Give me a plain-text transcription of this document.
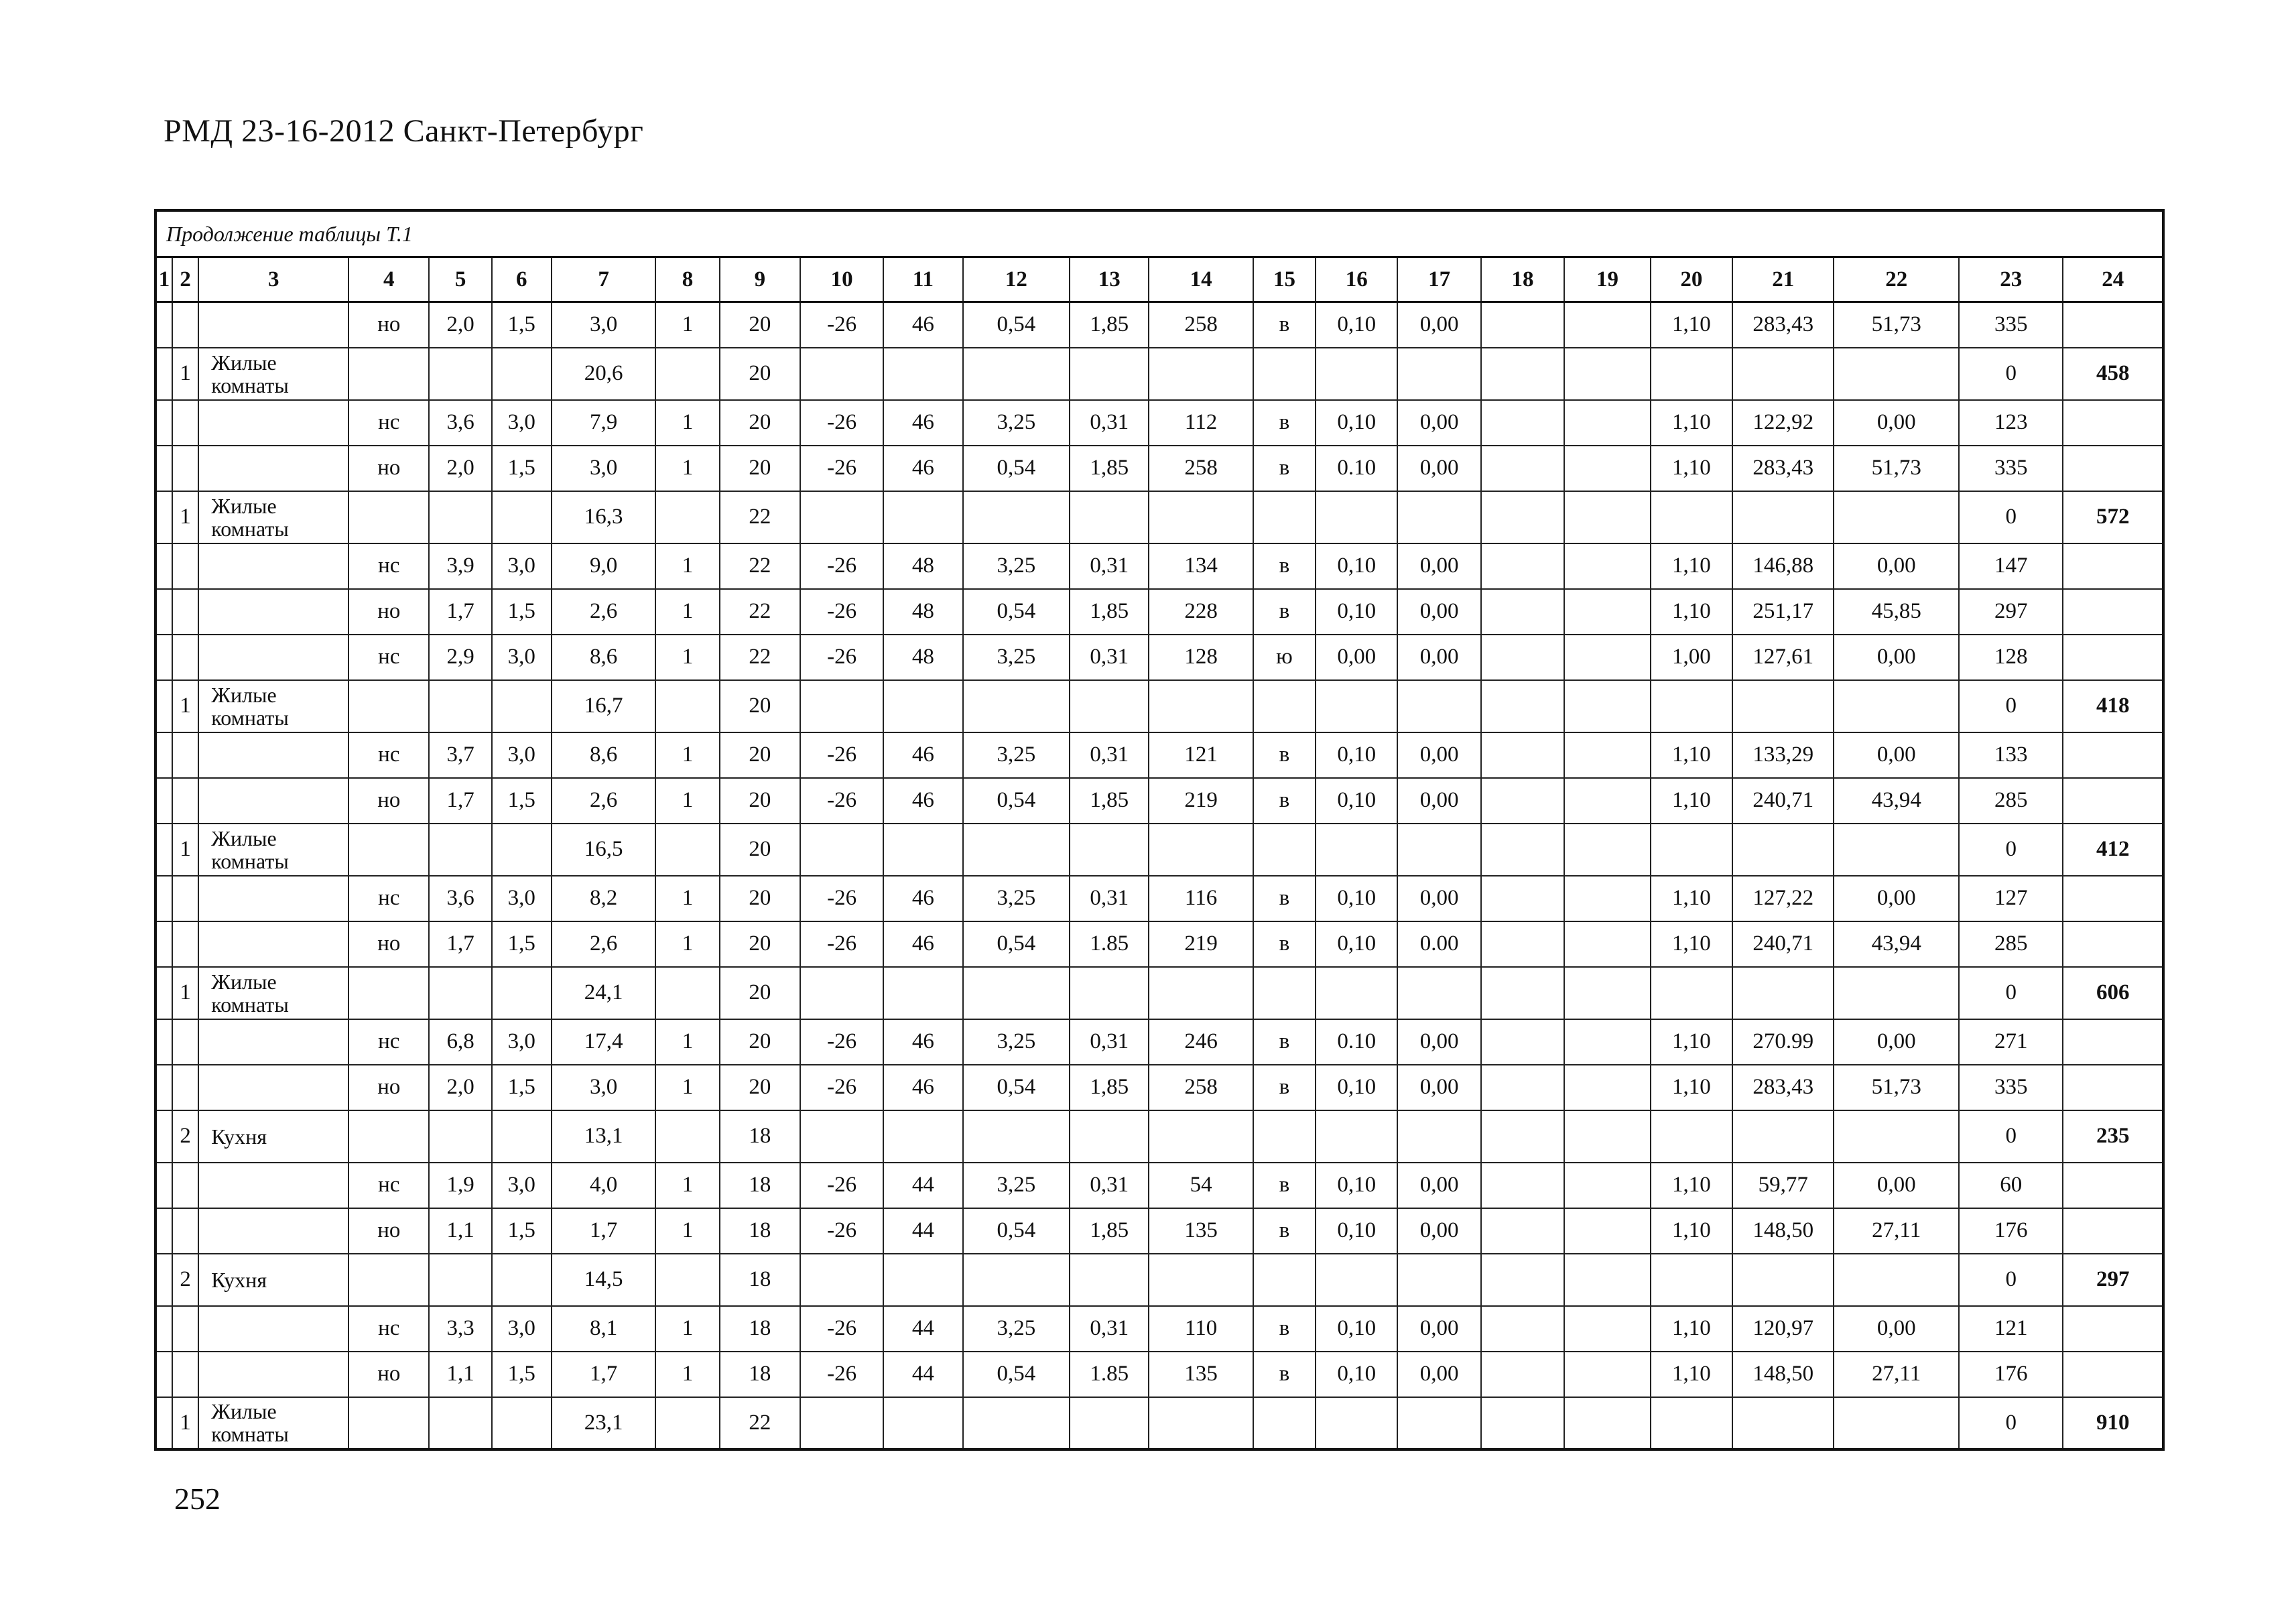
РМД 23-16-2012 Санкт-Петербург
Продолжение таблицы Т.1																							
1	2	3	4	5	6	7	8	9	10	11	12	13	14	15	16	17	18	19	20	21	22	23	24
			но	2,0	1,5	3,0	1	20	-26	46	0,54	1,85	258	в	0,10	0,00			1,10	283,43	51,73	335	
	1	Жилые комнаты				20,6		20														0	458
			нс	3,6	3,0	7,9	1	20	-26	46	3,25	0,31	112	в	0,10	0,00			1,10	122,92	0,00	123	
			но	2,0	1,5	3,0	1	20	-26	46	0,54	1,85	258	в	0.10	0,00			1,10	283,43	51,73	335	
	1	Жилые комнаты				16,3		22														0	572
			нс	3,9	3,0	9,0	1	22	-26	48	3,25	0,31	134	в	0,10	0,00			1,10	146,88	0,00	147	
			но	1,7	1,5	2,6	1	22	-26	48	0,54	1,85	228	в	0,10	0,00			1,10	251,17	45,85	297	
			нс	2,9	3,0	8,6	1	22	-26	48	3,25	0,31	128	ю	0,00	0,00			1,00	127,61	0,00	128	
	1	Жилые комнаты				16,7		20														0	418
			нс	3,7	3,0	8,6	1	20	-26	46	3,25	0,31	121	в	0,10	0,00			1,10	133,29	0,00	133	
			но	1,7	1,5	2,6	1	20	-26	46	0,54	1,85	219	в	0,10	0,00			1,10	240,71	43,94	285	
	1	Жилые комнаты				16,5		20														0	412
			нс	3,6	3,0	8,2	1	20	-26	46	3,25	0,31	116	в	0,10	0,00			1,10	127,22	0,00	127	
			но	1,7	1,5	2,6	1	20	-26	46	0,54	1.85	219	в	0,10	0.00			1,10	240,71	43,94	285	
	1	Жилые комнаты				24,1		20														0	606
			нс	6,8	3,0	17,4	1	20	-26	46	3,25	0,31	246	в	0.10	0,00			1,10	270.99	0,00	271	
			но	2,0	1,5	3,0	1	20	-26	46	0,54	1,85	258	в	0,10	0,00			1,10	283,43	51,73	335	
	2	Кухня				13,1		18														0	235
			нс	1,9	3,0	4,0	1	18	-26	44	3,25	0,31	54	в	0,10	0,00			1,10	59,77	0,00	60	
			но	1,1	1,5	1,7	1	18	-26	44	0,54	1,85	135	в	0,10	0,00			1,10	148,50	27,11	176	
	2	Кухня				14,5		18														0	297
			нс	3,3	3,0	8,1	1	18	-26	44	3,25	0,31	110	в	0,10	0,00			1,10	120,97	0,00	121	
			но	1,1	1,5	1,7	1	18	-26	44	0,54	1.85	135	в	0,10	0,00			1,10	148,50	27,11	176	
	1	Жилые комнаты				23,1		22														0	910
252
